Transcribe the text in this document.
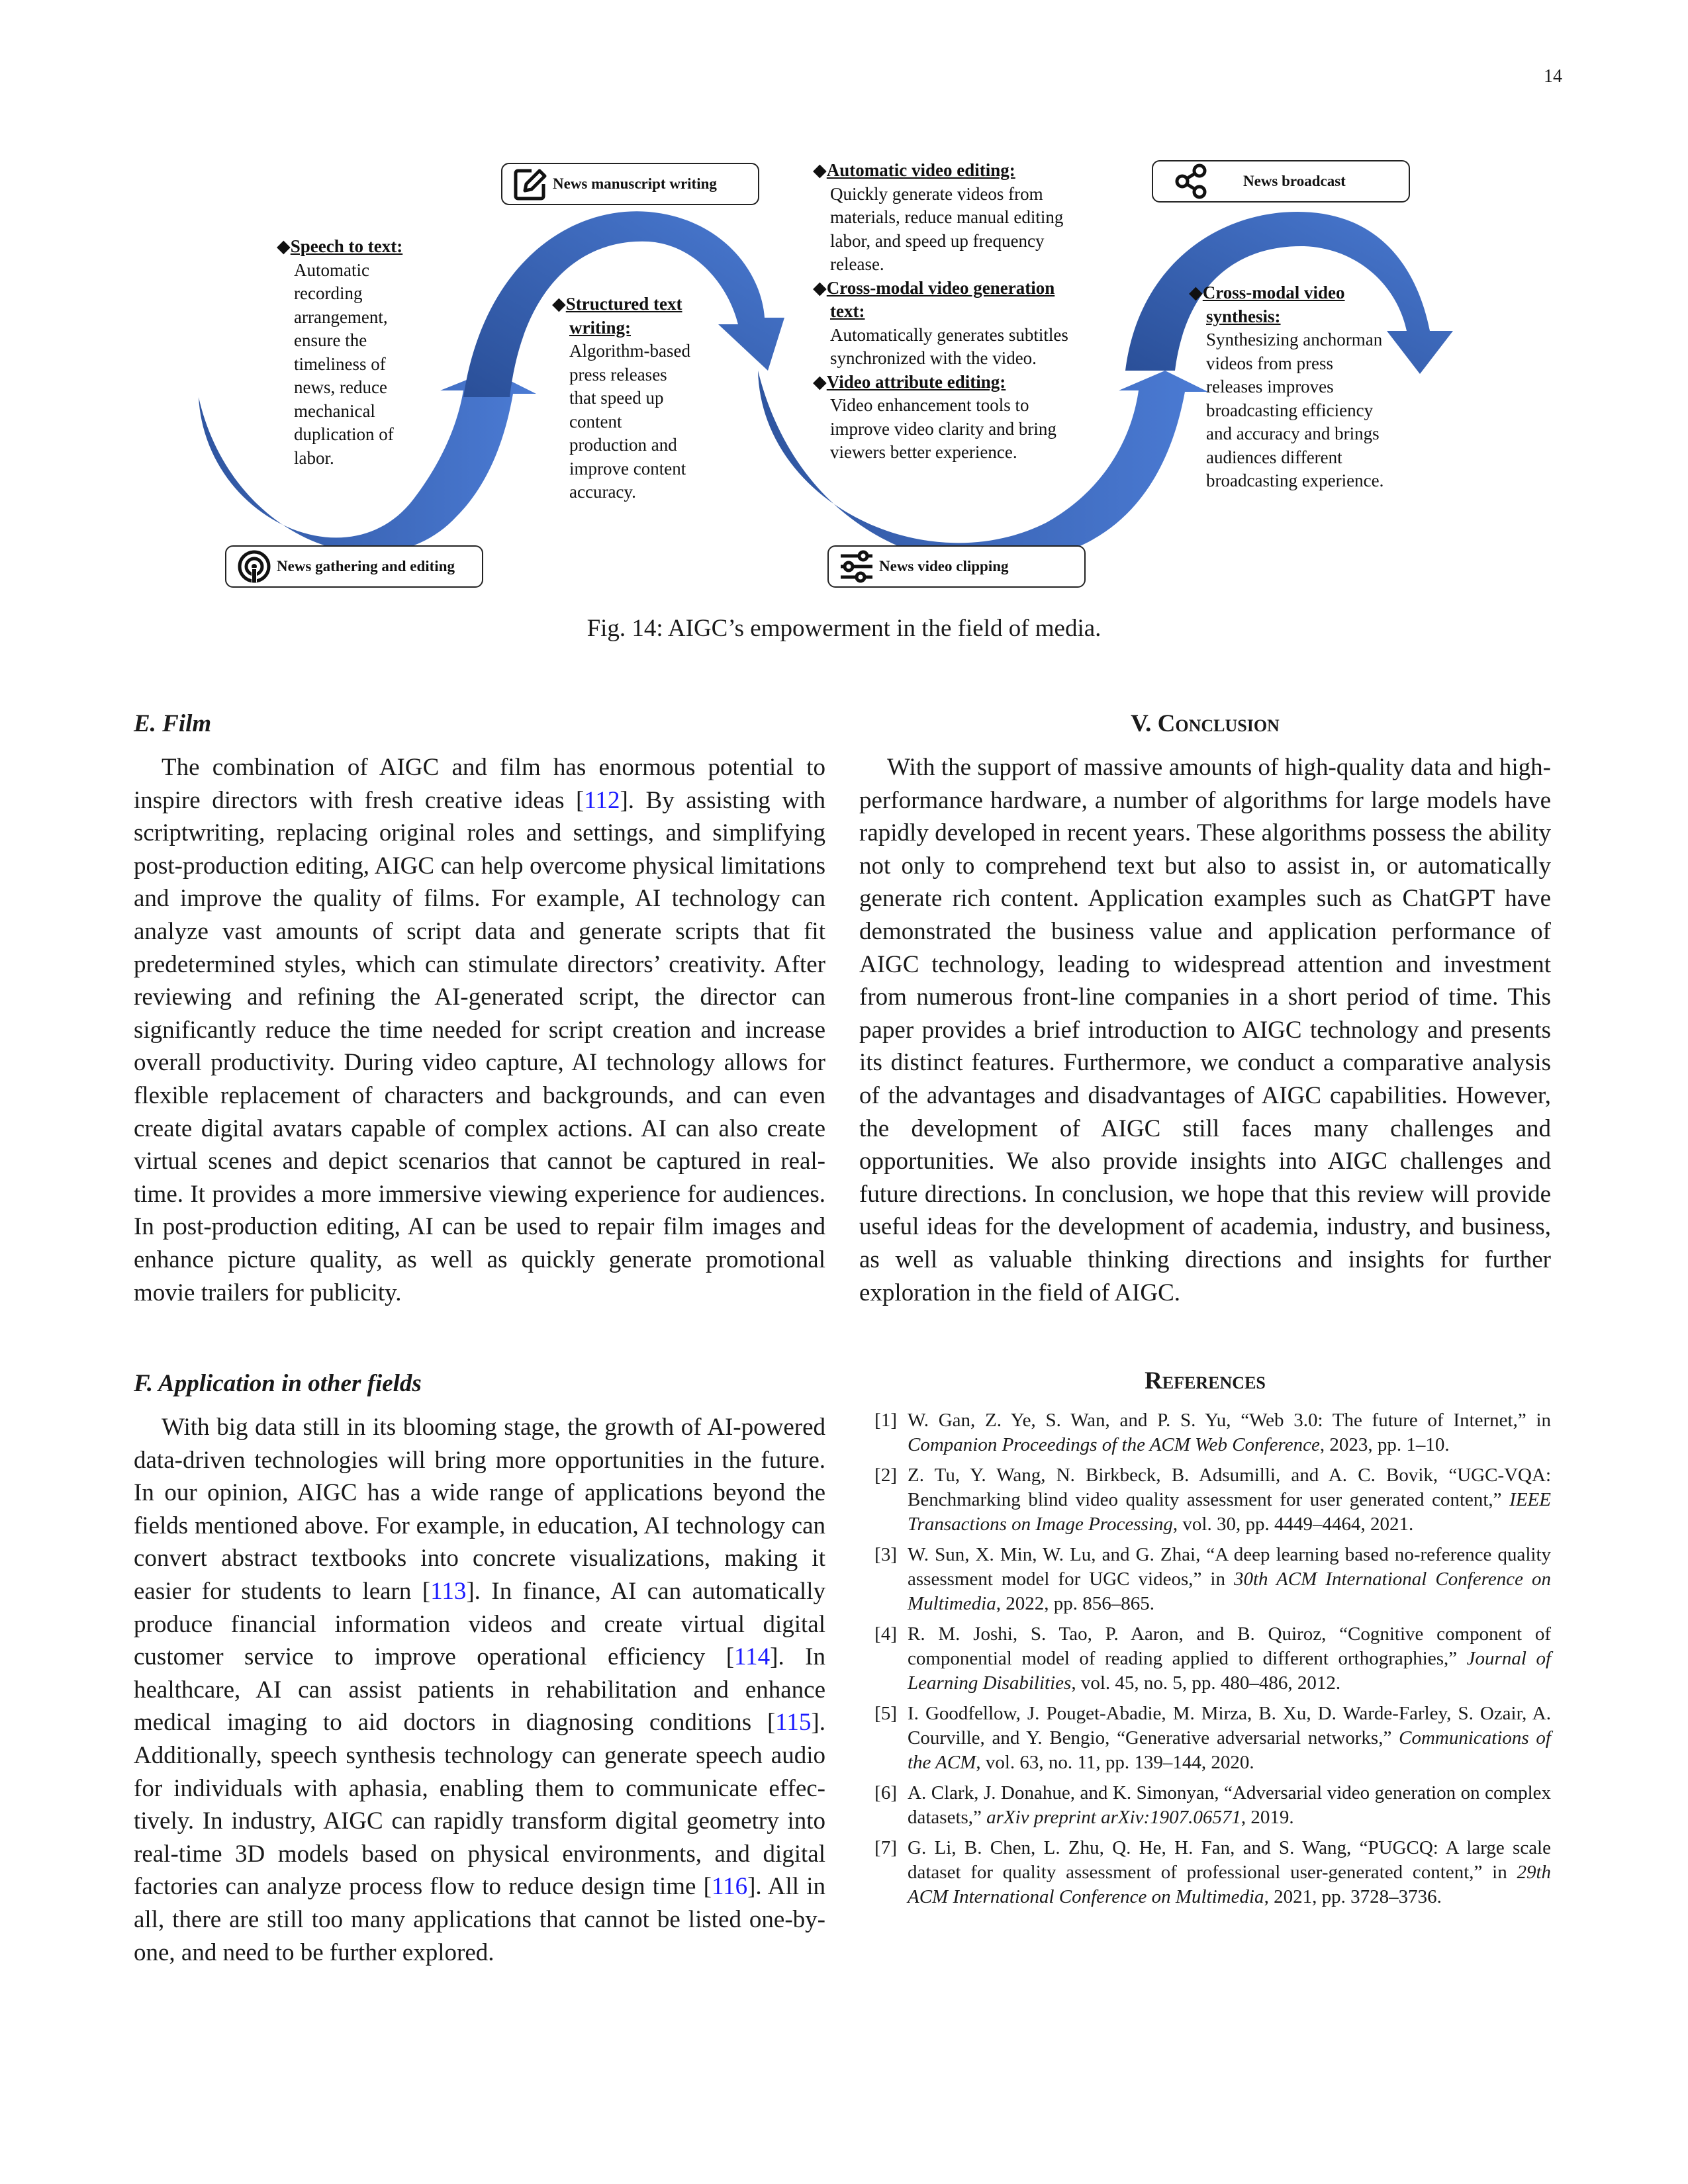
14
News gathering and editing
News manuscript writing
News video clipping
News broadcast
◆Speech to text:
Automatic
recording
arrangement,
ensure the
timeliness of
news, reduce
mechanical
duplication of
labor.
◆Structured text
writing:
Algorithm-based
press releases
that speed up
content
production and
improve content
accuracy.
◆Automatic video editing:
Quickly generate videos from
materials, reduce manual editing
labor, and speed up frequency
release.
◆Cross-modal video generation
text:
Automatically generates subtitles
synchronized with the video.
◆Video attribute editing:
Video enhancement tools to
improve video clarity and bring
viewers better experience.
◆Cross-modal video
synthesis:
Synthesizing anchorman
videos from press
releases improves
broadcasting efficiency
and accuracy and brings
audiences different
broadcasting experience.
Fig. 14: AIGC’s empowerment in the field of media.
E. Film

The combination of AIGC and film has enormous potential to inspire directors with fresh creative ideas [112]. By assisting with scriptwriting, replacing original roles and settings, and simplifying post-production editing, AIGC can help overcome physical limitations and improve the quality of films. For example, AI technology can analyze vast amounts of script data and generate scripts that fit predetermined styles, which can stimulate directors’ creativity. After reviewing and refining the AI-generated script, the director can significantly reduce the time needed for script creation and increase overall productivity. During video capture, AI technology allows for flexible replacement of characters and backgrounds, and can even create digital avatars capable of complex actions. AI can also create virtual scenes and depict scenarios that cannot be captured in real-time. It provides a more immersive viewing experience for audiences. In post-production editing, AI can be used to repair film images and enhance picture quality, as well as quickly generate promotional movie trailers for publicity.

F. Application in other fields

With big data still in its blooming stage, the growth of AI-powered data-driven technologies will bring more opportunities in the future. In our opinion, AIGC has a wide range of applications beyond the fields mentioned above. For example, in education, AI technology can convert abstract textbooks into concrete visualizations, making it easier for students to learn [113]. In finance, AI can automatically produce financial information videos and create virtual digital customer service to improve operational efficiency [114]. In healthcare, AI can assist patients in rehabilitation and enhance medical imaging to aid doctors in diagnosing conditions [115]. Additionally, speech synthesis technology can generate speech audio for individuals with aphasia, enabling them to communicate effectively. In industry, AIGC can rapidly transform digital geometry into real-time 3D models based on physical environments, and digital factories can analyze process flow to reduce design time [116]. All in all, there are still too many applications that cannot be listed one-by-one, and need to be further explored.

V. Conclusion

With the support of massive amounts of high-quality data and high-performance hardware, a number of algorithms for large models have rapidly developed in recent years. These algorithms possess the ability not only to comprehend text but also to assist in, or automatically generate rich content. Application examples such as ChatGPT have demonstrated the business value and application performance of AIGC technology, leading to widespread attention and investment from numerous front-line companies in a short period of time. This paper provides a brief introduction to AIGC technology and presents its distinct features. Furthermore, we conduct a comparative analysis of the advantages and disadvantages of AIGC capabilities. However, the development of AIGC still faces many challenges and opportunities. We also provide insights into AIGC challenges and future directions. In conclusion, we hope that this review will provide useful ideas for the development of academia, industry, and business, as well as valuable thinking directions and insights for further exploration in the field of AIGC.

References
[1] W. Gan, Z. Ye, S. Wan, and P. S. Yu, “Web 3.0: The future of Internet,” in Companion Proceedings of the ACM Web Conference, 2023, pp. 1–10.
[2] Z. Tu, Y. Wang, N. Birkbeck, B. Adsumilli, and A. C. Bovik, “UGC-VQA: Benchmarking blind video quality assessment for user generated content,” IEEE Transactions on Image Processing, vol. 30, pp. 4449–4464, 2021.
[3] W. Sun, X. Min, W. Lu, and G. Zhai, “A deep learning based no-reference quality assessment model for UGC videos,” in 30th ACM International Conference on Multimedia, 2022, pp. 856–865.
[4] R. M. Joshi, S. Tao, P. Aaron, and B. Quiroz, “Cognitive component of componential model of reading applied to different orthographies,” Journal of Learning Disabilities, vol. 45, no. 5, pp. 480–486, 2012.
[5] I. Goodfellow, J. Pouget-Abadie, M. Mirza, B. Xu, D. Warde-Farley, S. Ozair, A. Courville, and Y. Bengio, “Generative adversarial networks,” Communications of the ACM, vol. 63, no. 11, pp. 139–144, 2020.
[6] A. Clark, J. Donahue, and K. Simonyan, “Adversarial video generation on complex datasets,” arXiv preprint arXiv:1907.06571, 2019.
[7] G. Li, B. Chen, L. Zhu, Q. He, H. Fan, and S. Wang, “PUGCQ: A large scale dataset for quality assessment of professional user-generated content,” in 29th ACM International Conference on Multimedia, 2021, pp. 3728–3736.
